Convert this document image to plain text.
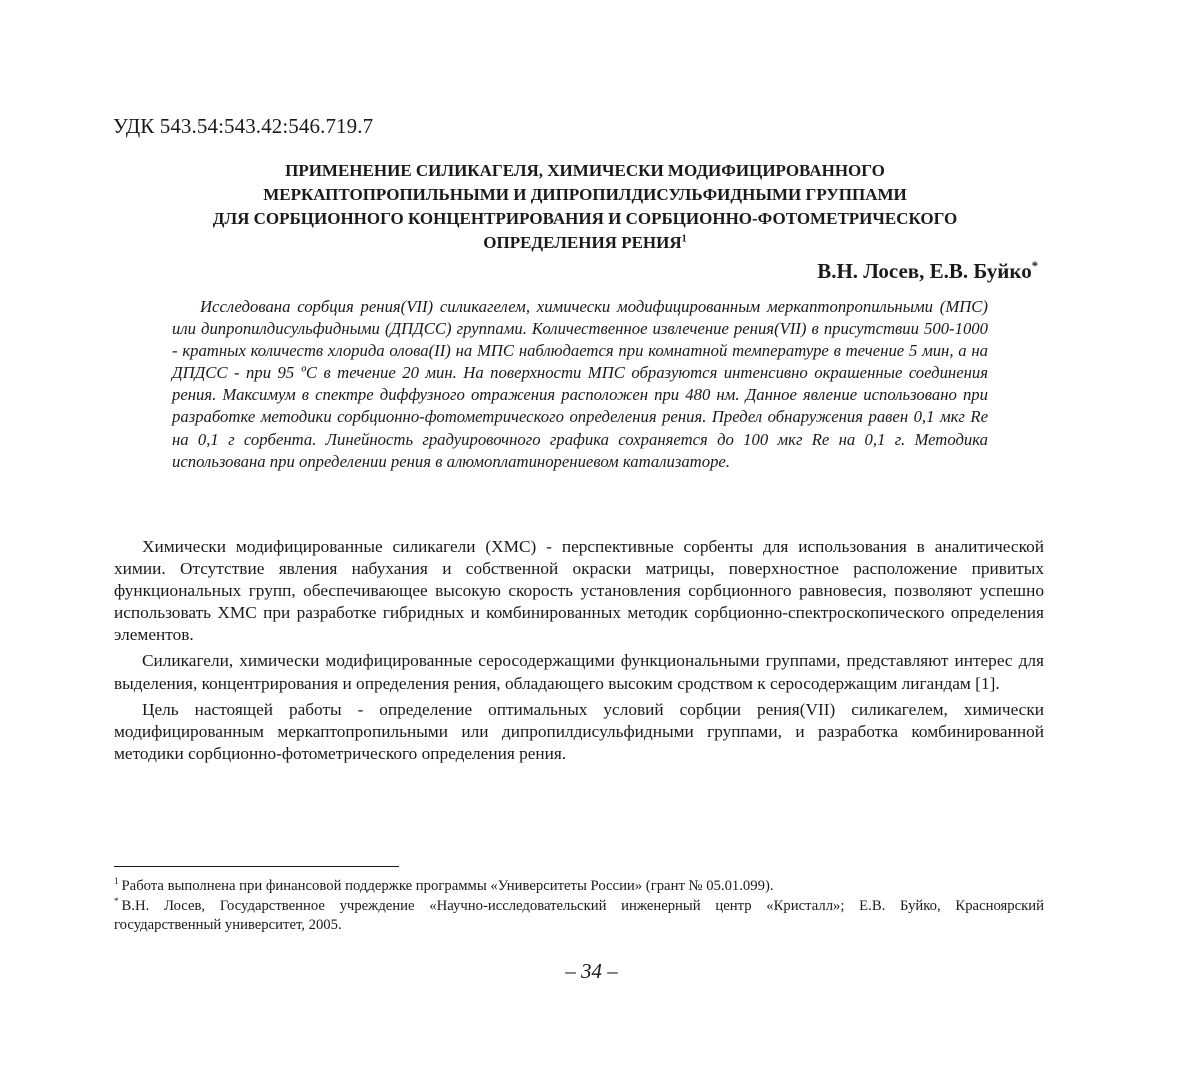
УДК 543.54:543.42:546.719.7
ПРИМЕНЕНИЕ СИЛИКАГЕЛЯ, ХИМИЧЕСКИ МОДИФИЦИРОВАННОГО
МЕРКАПТОПРОПИЛЬНЫМИ И ДИПРОПИЛДИСУЛЬФИДНЫМИ ГРУППАМИ
ДЛЯ СОРБЦИОННОГО КОНЦЕНТРИРОВАНИЯ И СОРБЦИОННО-ФОТОМЕТРИЧЕСКОГО
ОПРЕДЕЛЕНИЯ РЕНИЯ$^1$
В.Н. Лосев, Е.В. Буйко*
Исследована сорбция рения(VII) силикагелем, химически модифицированным меркаптопропильными (МПС) или дипропилдисульфидными (ДПДСС) группами. Количественное извлечение рения(VII) в присутствии 500-1000 - кратных количеств хлорида олова(II) на МПС наблюдается при комнатной температуре в течение 5 мин, а на ДПДСС - при 95 ºС в течение 20 мин. На поверхности МПС образуются интенсивно окрашенные соединения рения. Максимум в спектре диффузного отражения расположен при 480 нм. Данное явление использовано при разработке методики сорбционно-фотометрического определения рения. Предел обнаружения равен 0,1 мкг Re на 0,1 г сорбента. Линейность градуировочного графика сохраняется до 100 мкг Re на 0,1 г. Методика использована при определении рения в алюмоплатинорениевом катализаторе.

Химически модифицированные силикагели (ХМС) - перспективные сорбенты для использования в аналитической химии. Отсутствие явления набухания и собственной окраски матрицы, поверхностное расположение привитых функциональных групп, обеспечивающее высокую скорость установления сорбционного равновесия, позволяют успешно использовать ХМС при разработке гибридных и комбинированных методик сорбционно-спектроскопического определения элементов.

Силикагели, химически модифицированные серосодержащими функциональными группами, представляют интерес для выделения, концентрирования и определения рения, обладающего высоким сродством к серосодержащим лигандам [1].

Цель настоящей работы - определение оптимальных условий сорбции рения(VII) силикагелем, химически модифицированным меркаптопропильными или дипропилдисульфидными группами, и разработка комбинированной методики сорбционно-фотометрического определения рения.

$^1$ Работа выполнена при финансовой поддержке программы «Университеты России» (грант № 05.01.099).

* В.Н. Лосев, Государственное учреждение «Научно-исследовательский инженерный центр «Кристалл»; Е.В. Буйко, Красноярский государственный университет, 2005.

– 34 –
